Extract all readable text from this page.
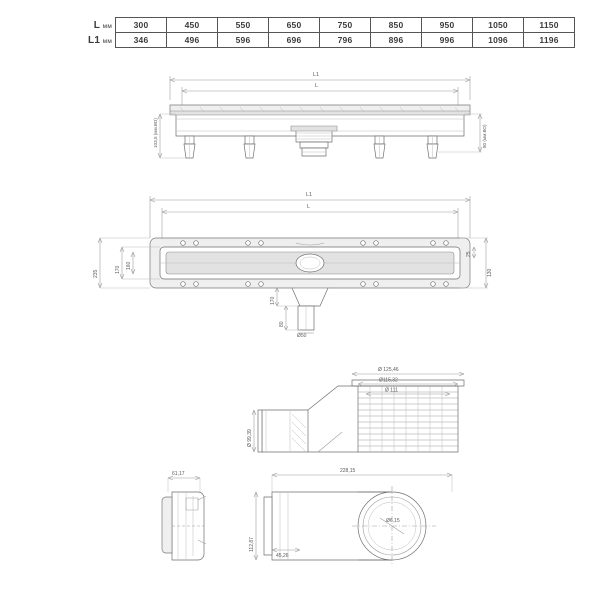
L мм	300	450	550	650	750	850	950	1050	1150
L1 мм	346	496	596	696	796	896	996	1096	1196
103,5 (мм.ВО)	80 (мм.ВО)
170 160
235	130
25
170
80
Ø50
Ø 125,46
Ø115,32
Ø 111
Ø 99,39
228,15
Ø6,15
112,87
45,26
61,17
L1
L
L1
L
